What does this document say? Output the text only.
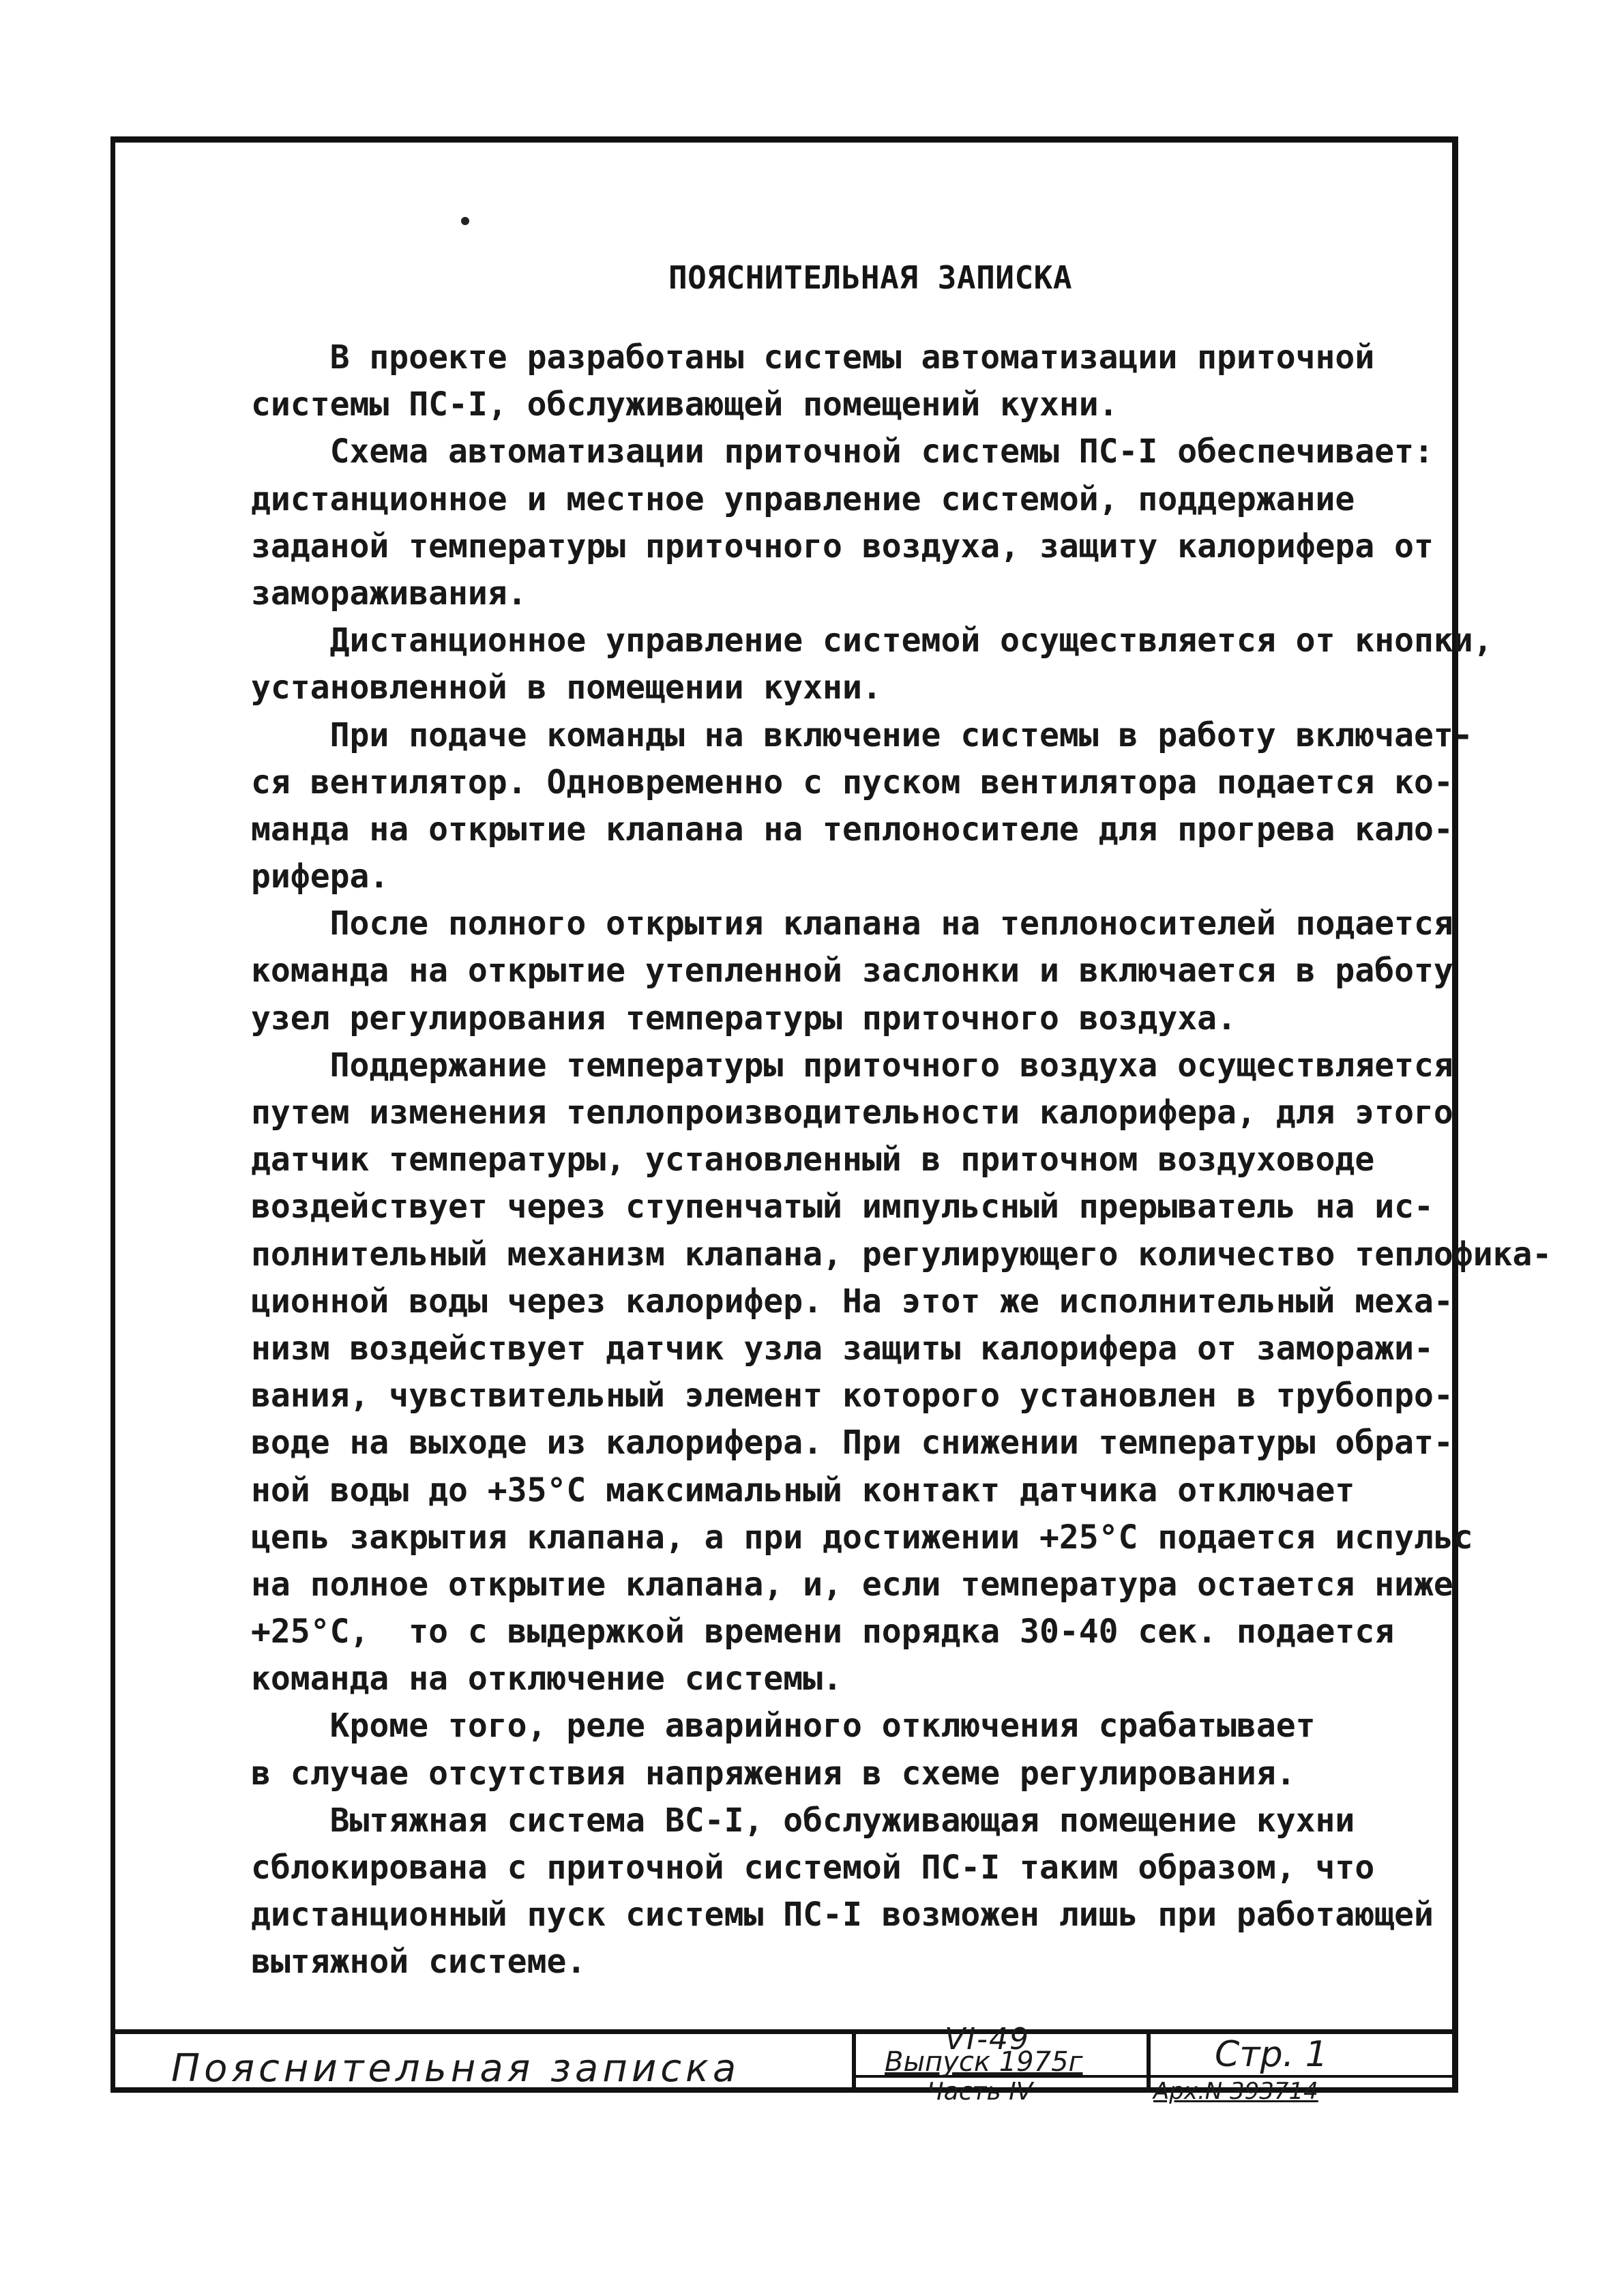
ПОЯСНИТЕЛЬНАЯ ЗАПИСКА
В проекте разработаны системы автоматизации приточной
системы ПС-I, обслуживающей помещений кухни.
Схема автоматизации приточной системы ПС-I обеспечивает:
дистанционное и местное управление системой, поддержание
заданой температуры приточного воздуха, защиту калорифера от
замораживания.
Дистанционное управление системой осуществляется от кнопки,
установленной в помещении кухни.
При подаче команды на включение системы в работу включает-
ся вентилятор. Одновременно с пуском вентилятора подается ко-
манда на открытие клапана на теплоносителе для прогрева кало-
рифера.
После полного открытия клапана на теплоносителей подается
команда на открытие утепленной заслонки и включается в работу
узел регулирования температуры приточного воздуха.
Поддержание температуры приточного воздуха осуществляется
путем изменения теплопроизводительности калорифера, для этого
датчик температуры, установленный в приточном воздуховоде
воздействует через ступенчатый импульсный прерыватель на ис-
полнительный механизм клапана, регулирующего количество теплофика-
ционной воды через калорифер. На этот же исполнительный меха-
низм воздействует датчик узла защиты калорифера от заморажи-
вания, чувствительный элемент которого установлен в трубопро-
воде на выходе из калорифера. При снижении температуры обрат-
ной воды до +35°С максимальный контакт датчика отключает
цепь закрытия клапана, а при достижении +25°С подается испульс
на полное открытие клапана, и, если температура остается ниже
+25°С,  то с выдержкой времени порядка 30-40 сек. подается
команда на отключение системы.
Кроме того, реле аварийного отключения срабатывает
в случае отсутствия напряжения в схеме регулирования.
Вытяжная система ВС-I, обслуживающая помещение кухни
сблокирована с приточной системой ПС-I таким образом, что
дистанционный пуск системы ПС-I возможен лишь при работающей
вытяжной системе.
Пояснительная записка
VI-49
Выпуск 1975г
Часть IV
Стр. 1
Арх.N 393714
